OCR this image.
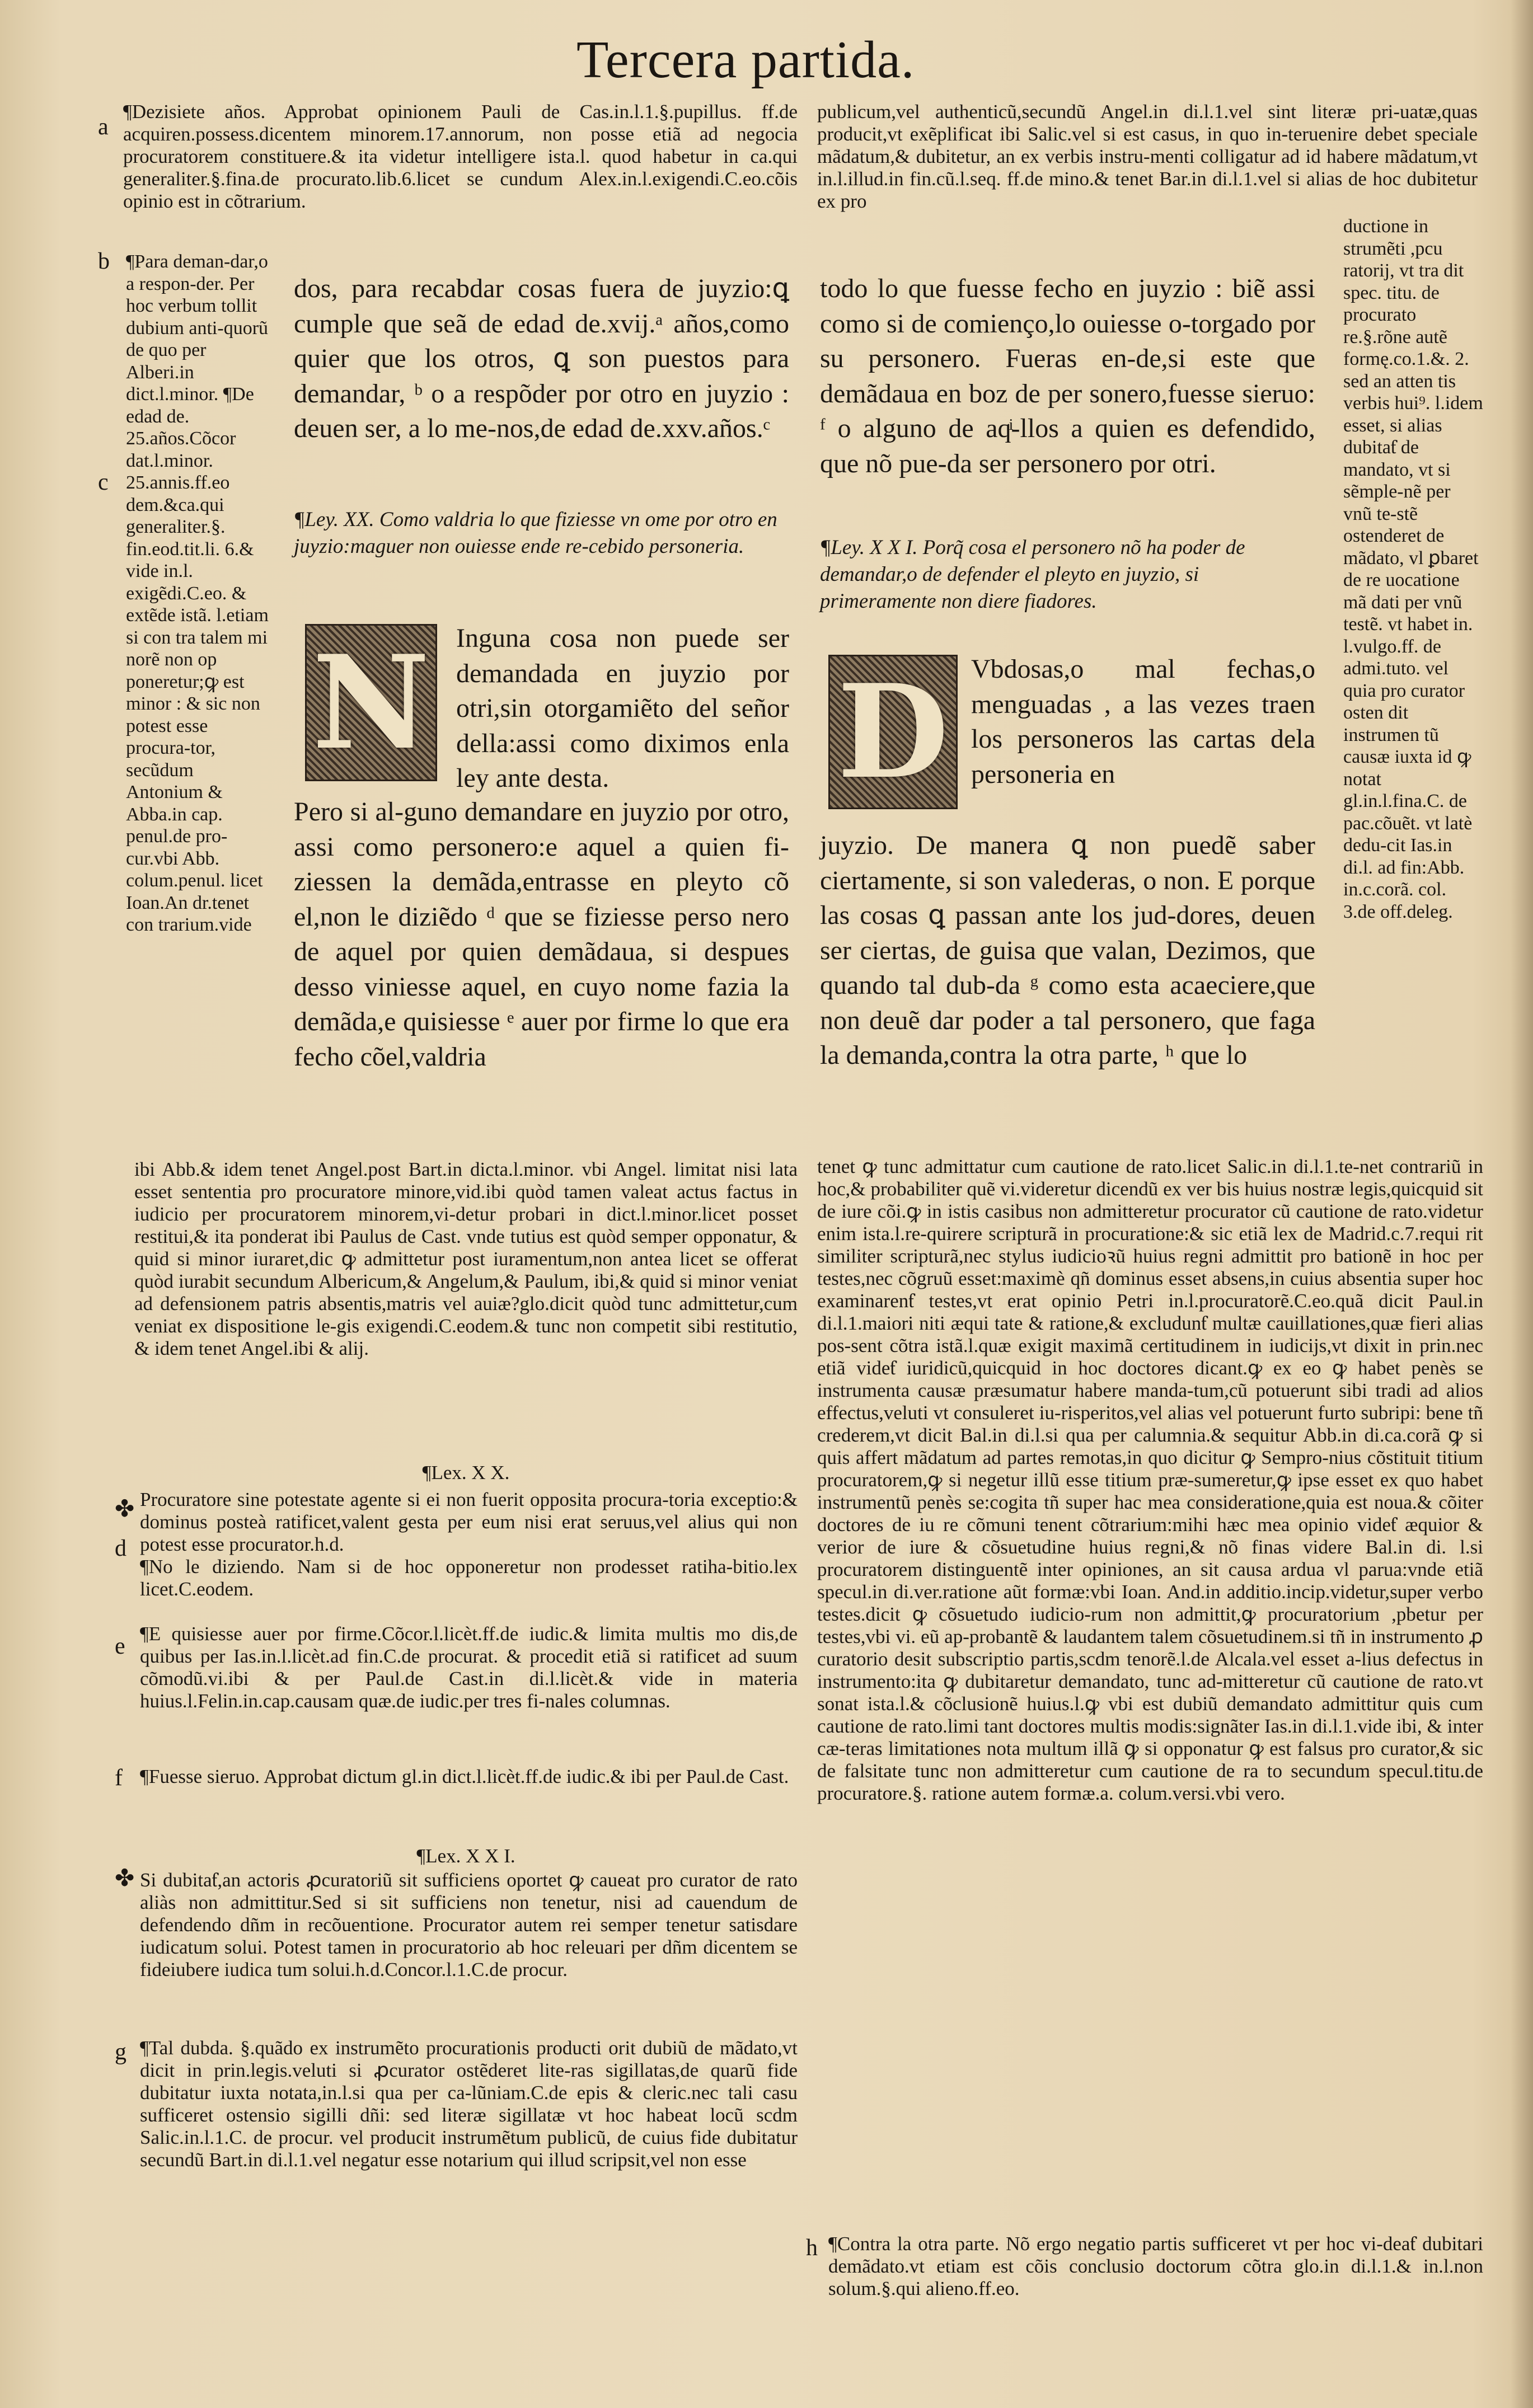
Tercera partida.
a
b
c
✤
d
e
f
✤
g
h

¶Dezisiete años. Approbat opinionem Pauli de Cas.in.l.1.§.pupillus. ff.de acquiren.possess.dicentem minorem.17.annorum, non posse etiã ad negocia procuratorem constituere.& ita videtur intelligere ista.l. quod habetur in ca.qui generaliter.§.fina.de procurato.lib.6.licet se cundum Alex.in.l.exigendi.C.eo.cõis opinio est in cõtrarium.

¶Para deman-dar,o a respon-der. Per hoc verbum tollit dubium anti-quorũ de quo per Alberi.in dict.l.minor. ¶De edad de. 25.años.Cõcor dat.l.minor. 25.annis.ff.eo dem.&ca.qui generaliter.§. fin.eod.tit.li. 6.& vide in.l. exigẽdi.C.eo. & extẽde istã. l.etiam si con tra talem mi norẽ non op poneretur;ꝙ est minor : & sic non potest esse procura-tor, secũdum Antonium & Abba.in cap. penul.de pro-cur.vbi Abb. colum.penul. licet Ioan.An dr.tenet con trarium.vide

dos, para recabdar cosas fuera de juyzio:ꝗ cumple que seã de edad de.xvij.ᵃ años,como quier que los otros, ꝗ son puestos para demandar, ᵇ o a respõder por otro en juyzio : deuen ser, a lo me-nos,de edad de.xxv.años.ᶜ

¶Ley. XX. Como valdria lo que fiziesse vn ome por otro en juyzio:maguer non ouiesse ende re-cebido personeria.

N Inguna cosa non puede ser demandada en juyzio por otri,sin otorgamiẽto del señor della:assi como diximos enla ley ante desta.

Pero si al-guno demandare en juyzio por otro, assi como personero:e aquel a quien fi-ziessen la demãda,entrasse en pleyto cõ el,non le diziẽdo ᵈ que se fiziesse perso nero de aquel por quien demãdaua, si despues desso viniesse aquel, en cuyo nome fazia la demãda,e quisiesse ᵉ auer por firme lo que era fecho cõel,valdria

publicum,vel authenticũ,secundũ Angel.in di.l.1.vel sint literæ pri-uatæ,quas producit,vt exẽplificat ibi Salic.vel si est casus, in quo in-teruenire debet speciale mãdatum,& dubitetur, an ex verbis instru-menti colligatur ad id habere mãdatum,vt in.l.illud.in fin.cũ.l.seq. ff.de mino.& tenet Bar.in di.l.1.vel si alias de hoc dubitetur ex pro

todo lo que fuesse fecho en juyzio : biẽ assi como si de comienço,lo ouiesse o-torgado por su personero. Fueras en-de,si este que demãdaua en boz de per sonero,fuesse sieruo: ᶠ o alguno de aqͥ-llos a quien es defendido, que nõ pue-da ser personero por otri.

¶Ley. X X I. Porq̃ cosa el personero nõ ha poder de demandar,o de defender el pleyto en juyzio, si primeramente non diere fiadores.

D Vbdosas,o mal fechas,o menguadas , a las vezes traen los personeros las cartas dela personeria en

juyzio. De manera ꝗ non puedẽ saber ciertamente, si son valederas, o non. E porque las cosas ꝗ passan ante los jud-dores, deuen ser ciertas, de guisa que valan, Dezimos, que quando tal dub-da ᵍ como esta acaeciere,que non deuẽ dar poder a tal personero, que faga la demanda,contra la otra parte, ʰ que lo

ductione in strumẽti ,pcu ratorij, vt tra dit spec. titu. de procurato re.§.rõne autẽ formę.co.1.&. 2. sed an atten tis verbis hui⁹. l.idem esset, si alias dubitaƭ de mandato, vt si sẽmple-nẽ per vnũ te-stẽ ostenderet de mãdato, vl ꝑbaret de re uocatione mã dati per vnũ testẽ. vt habet in. l.vulgo.ff. de admi.tuto. vel quia pro curator osten dit instrumen tũ causæ iuxta id ꝙ notat gl.in.l.fina.C. de pac.cõuẽt. vt latè dedu-cit Ias.in di.l. ad fin:Abb. in.c.corã. col. 3.de off.deleg.

ibi Abb.& idem tenet Angel.post Bart.in dicta.l.minor. vbi Angel. limitat nisi lata esset sententia pro procuratore minore,vid.ibi quòd tamen valeat actus factus in iudicio per procuratorem minorem,vi-detur probari in dict.l.minor.licet posset restitui,& ita ponderat ibi Paulus de Cast. vnde tutius est quòd semper opponatur, & quid si minor iuraret,dic ꝙ admittetur post iuramentum,non antea licet se offerat quòd iurabit secundum Albericum,& Angelum,& Paulum, ibi,& quid si minor veniat ad defensionem patris absentis,matris vel auiæ?glo.dicit quòd tunc admittetur,cum veniat ex dispositione le-gis exigendi.C.eodem.& tunc non competit sibi restitutio, & idem tenet Angel.ibi & alij.

¶Lex. X X.

Procuratore sine potestate agente si ei non fuerit opposita procura-toria exceptio:& dominus posteà ratificet,valent gesta per eum nisi erat seruus,vel alius qui non potest esse procurator.h.d.

¶No le diziendo. Nam si de hoc opponeretur non prodesset ratiha-bitio.lex licet.C.eodem.

¶E quisiesse auer por firme.Cõcor.l.licèt.ff.de iudic.& limita multis mo dis,de quibus per Ias.in.l.licèt.ad fin.C.de procurat. & procedit etiã si ratificet ad suum cõmodũ.vi.ibi & per Paul.de Cast.in di.l.licèt.& vide in materia huius.l.Felin.in.cap.causam quæ.de iudic.per tres fi-nales columnas.

¶Fuesse sieruo. Approbat dictum gl.in dict.l.licèt.ff.de iudic.& ibi per Paul.de Cast.

¶Lex. X X I.

Si dubitaƭ,an actoris ꝓcuratoriũ sit sufficiens oportet ꝙ caueat pro curator de rato aliàs non admittitur.Sed si sit sufficiens non tenetur, nisi ad cauendum de defendendo dñm in recõuentione. Procurator autem rei semper tenetur satisdare iudicatum solui. Potest tamen in procuratorio ab hoc releuari per dñm dicentem se fideiubere iudica tum solui.h.d.Concor.l.1.C.de procur.

¶Tal dubda. §.quãdo ex instrumẽto procurationis producti orit dubiũ de mãdato,vt dicit in prin.legis.veluti si ꝓcurator ostẽderet lite-ras sigillatas,de quarũ fide dubitatur iuxta notata,in.l.si qua per ca-lũniam.C.de epis & cleric.nec tali casu sufficeret ostensio sigilli dñi: sed literæ sigillatæ vt hoc habeat locũ scdm Salic.in.l.1.C. de procur. vel producit instrumẽtum publicũ, de cuius fide dubitatur secundũ Bart.in di.l.1.vel negatur esse notarium qui illud scripsit,vel non esse

tenet ꝙ tunc admittatur cum cautione de rato.licet Salic.in di.l.1.te-net contrariũ in hoc,& probabiliter quẽ vi.videretur dicendũ ex ver bis huius nostræ legis,quicquid sit de iure cõi.ꝙ in istis casibus non admitteretur procurator cũ cautione de rato.videtur enim ista.l.re-quirere scripturã in procuratione:& sic etiã lex de Madrid.c.7.requi rit similiter scripturã,nec stylus iudicioꝛũ huius regni admittit pro bationẽ in hoc per testes,nec cõgruũ esset:maximè qñ dominus esset absens,in cuius absentia super hoc examinarenƭ testes,vt erat opinio Petri in.l.procuratorẽ.C.eo.quã dicit Paul.in di.l.1.maiori niti æqui tate & ratione,& excludunƭ multæ cauillationes,quæ fieri alias pos-sent cõtra istã.l.quæ exigit maximã certitudinem in iudicijs,vt dixit in prin.nec etiã videƭ iuridicũ,quicquid in hoc doctores dicant.ꝙ ex eo ꝙ habet penès se instrumenta causæ præsumatur habere manda-tum,cũ potuerunt sibi tradi ad alios effectus,veluti vt consuleret iu-risperitos,vel alias vel potuerunt furto subripi: bene tñ crederem,vt dicit Bal.in di.l.si qua per calumnia.& sequitur Abb.in di.ca.corã ꝙ si quis affert mãdatum ad partes remotas,in quo dicitur ꝙ Sempro-nius cõstituit titium procuratorem,ꝙ si negetur illũ esse titium præ-sumeretur,ꝙ ipse esset ex quo habet instrumentũ penès se:cogita tñ super hac mea consideratione,quia est noua.& cõiter doctores de iu re cõmuni tenent cõtrarium:mihi hæc mea opinio videƭ æquior & verior de iure & cõsuetudine huius regni,& nõ finas videre Bal.in di. l.si procuratorem distinguentẽ inter opiniones, an sit causa ardua vl parua:vnde etiã specul.in di.ver.ratione aũt formæ:vbi Ioan. And.in additio.incip.videtur,super verbo testes.dicit ꝙ cõsuetudo iudicio-rum non admittit,ꝙ procuratorium ,pbetur per testes,vbi vi. eũ ap-probantẽ & laudantem talem cõsuetudinem.si tñ in instrumento ꝓ curatorio desit subscriptio partis,scdm tenorẽ.l.de Alcala.vel esset a-lius defectus in instrumento:ita ꝙ dubitaretur demandato, tunc ad-mitteretur cũ cautione de rato.vt sonat ista.l.& cõclusionẽ huius.l.ꝙ vbi est dubiũ demandato admittitur quis cum cautione de rato.limi tant doctores multis modis:signãter Ias.in di.l.1.vide ibi, & inter cæ-teras limitationes nota multum illã ꝙ si opponatur ꝙ est falsus pro curator,& sic de falsitate tunc non admitteretur cum cautione de ra to secundum specul.titu.de procuratore.§. ratione autem formæ.a. colum.versi.vbi vero.

¶Contra la otra parte. Nõ ergo negatio partis sufficeret vt per hoc vi-deaƭ dubitari demãdato.vt etiam est cõis conclusio doctorum cõtra glo.in di.l.1.& in.l.non solum.§.qui alieno.ff.eo.
